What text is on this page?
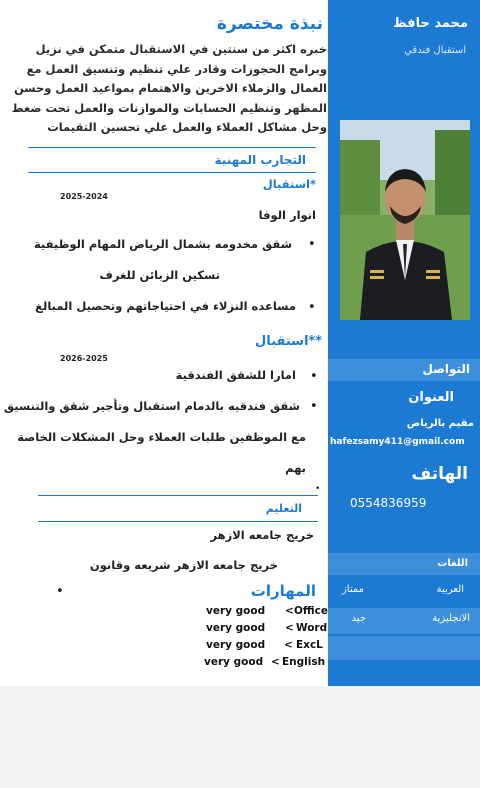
محمد حافظ
استقبال فندقي
التواصل
العنوان
مقيم بالرياض
hafezsamy411@gmail.com
الهاتف
0554836959
اللغات
العربية
ممتاز
الانجليزية
جيد
نبذة مختصرة
خبره اكثر من سنتين في الاستقبال متمكن في نزيل
وبرامج الحجوزات وقادر علي تنظيم وتنسيق العمل مع
العمال والزملاء الاخرين والاهتمام بمواعيد العمل وحسن
المظهر وتنظيم الحسابات والموازنات والعمل تحت ضغط
وحل مشاكل العملاء والعمل علي تحسين التقيمات
التجارب المهنية
*استقبال
2025-2024
انوار الوفا
•
شقق مخدومه بشمال الرياض المهام الوظيفية
تسكين الزبائن للغرف
•
مساعده النزلاء في احتياجاتهم وتحصيل المبالغ
**استقبال
2026-2025
•
امارا للشقق الفندقية
•
شقق فندقيه بالدمام استقبال وتأجير شقق والتنسيق
مع الموظفين طلبات العملاء وحل المشكلات الخاصة
بهم
•
التعليم
خريج جامعه الازهر
خريج جامعه الازهر شريعه وقانون
•	المهارات
very good < Office
very good < Word
very good < ExcL
very good < English
